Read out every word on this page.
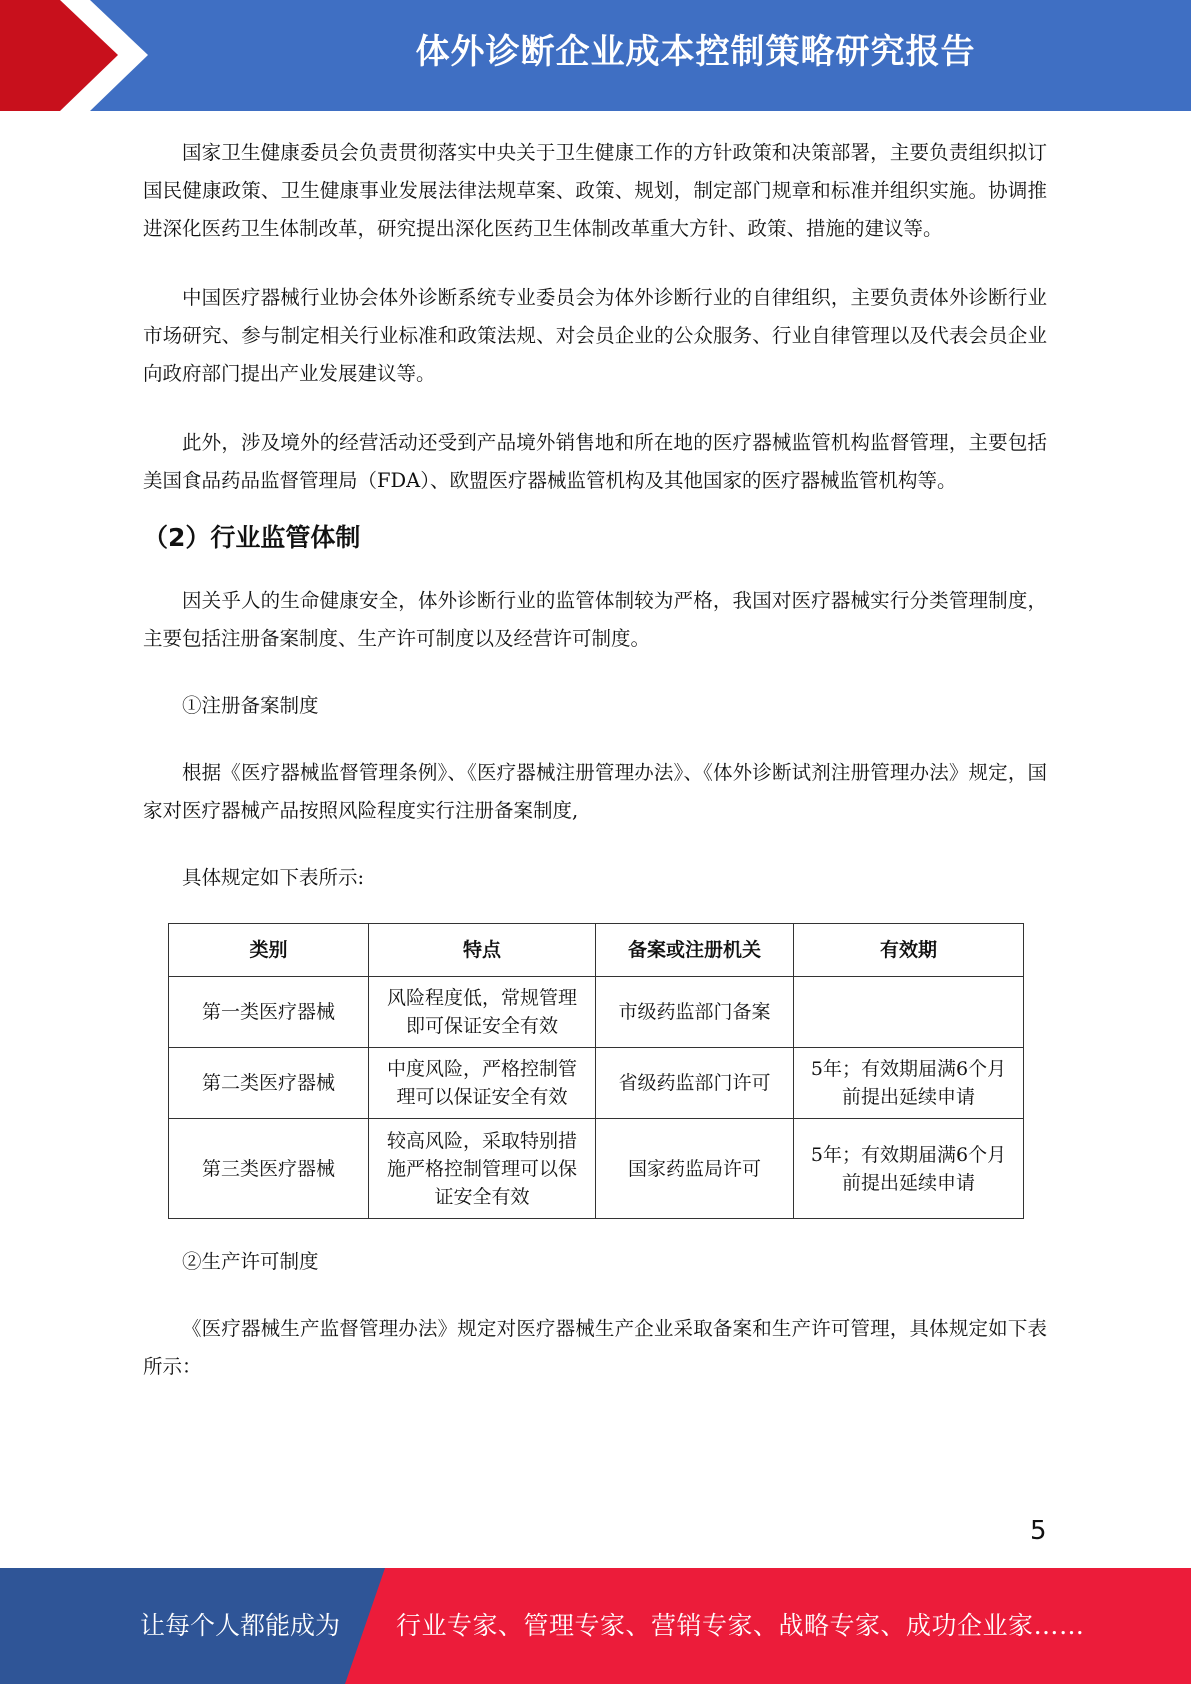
体外诊断企业成本控制策略研究报告

国家卫生健康委员会负责贯彻落实中央关于卫生健康工作的方针政策和决策部署，主要负责组织拟订国民健康政策、卫生健康事业发展法律法规草案、政策、规划，制定部门规章和标准并组织实施。协调推进深化医药卫生体制改革，研究提出深化医药卫生体制改革重大方针、政策、措施的建议等。

中国医疗器械行业协会体外诊断系统专业委员会为体外诊断行业的自律组织，主要负责体外诊断行业市场研究、参与制定相关行业标准和政策法规、对会员企业的公众服务、行业自律管理以及代表会员企业向政府部门提出产业发展建议等。

此外，涉及境外的经营活动还受到产品境外销售地和所在地的医疗器械监管机构监督管理，主要包括美国食品药品监督管理局（FDA）、欧盟医疗器械监管机构及其他国家的医疗器械监管机构等。

（2）行业监管体制

因关乎人的生命健康安全，体外诊断行业的监管体制较为严格，我国对医疗器械实行分类管理制度，主要包括注册备案制度、生产许可制度以及经营许可制度。

①注册备案制度

根据《医疗器械监督管理条例》、《医疗器械注册管理办法》、《体外诊断试剂注册管理办法》规定，国家对医疗器械产品按照风险程度实行注册备案制度,

具体规定如下表所示:

类别	特点	备案或注册机关	有效期
第一类医疗器械	风险程度低，常规管理即可保证安全有效	市级药监部门备案	
第二类医疗器械	中度风险，严格控制管理可以保证安全有效	省级药监部门许可	5年；有效期届满6个月前提出延续申请
第三类医疗器械	较高风险，采取特别措施严格控制管理可以保证安全有效	国家药监局许可	5年；有效期届满6个月前提出延续申请

②生产许可制度

《医疗器械生产监督管理办法》规定对医疗器械生产企业采取备案和生产许可管理，具体规定如下表所示：

5
让每个人都能成为 行业专家、管理专家、营销专家、战略专家、成功企业家……
